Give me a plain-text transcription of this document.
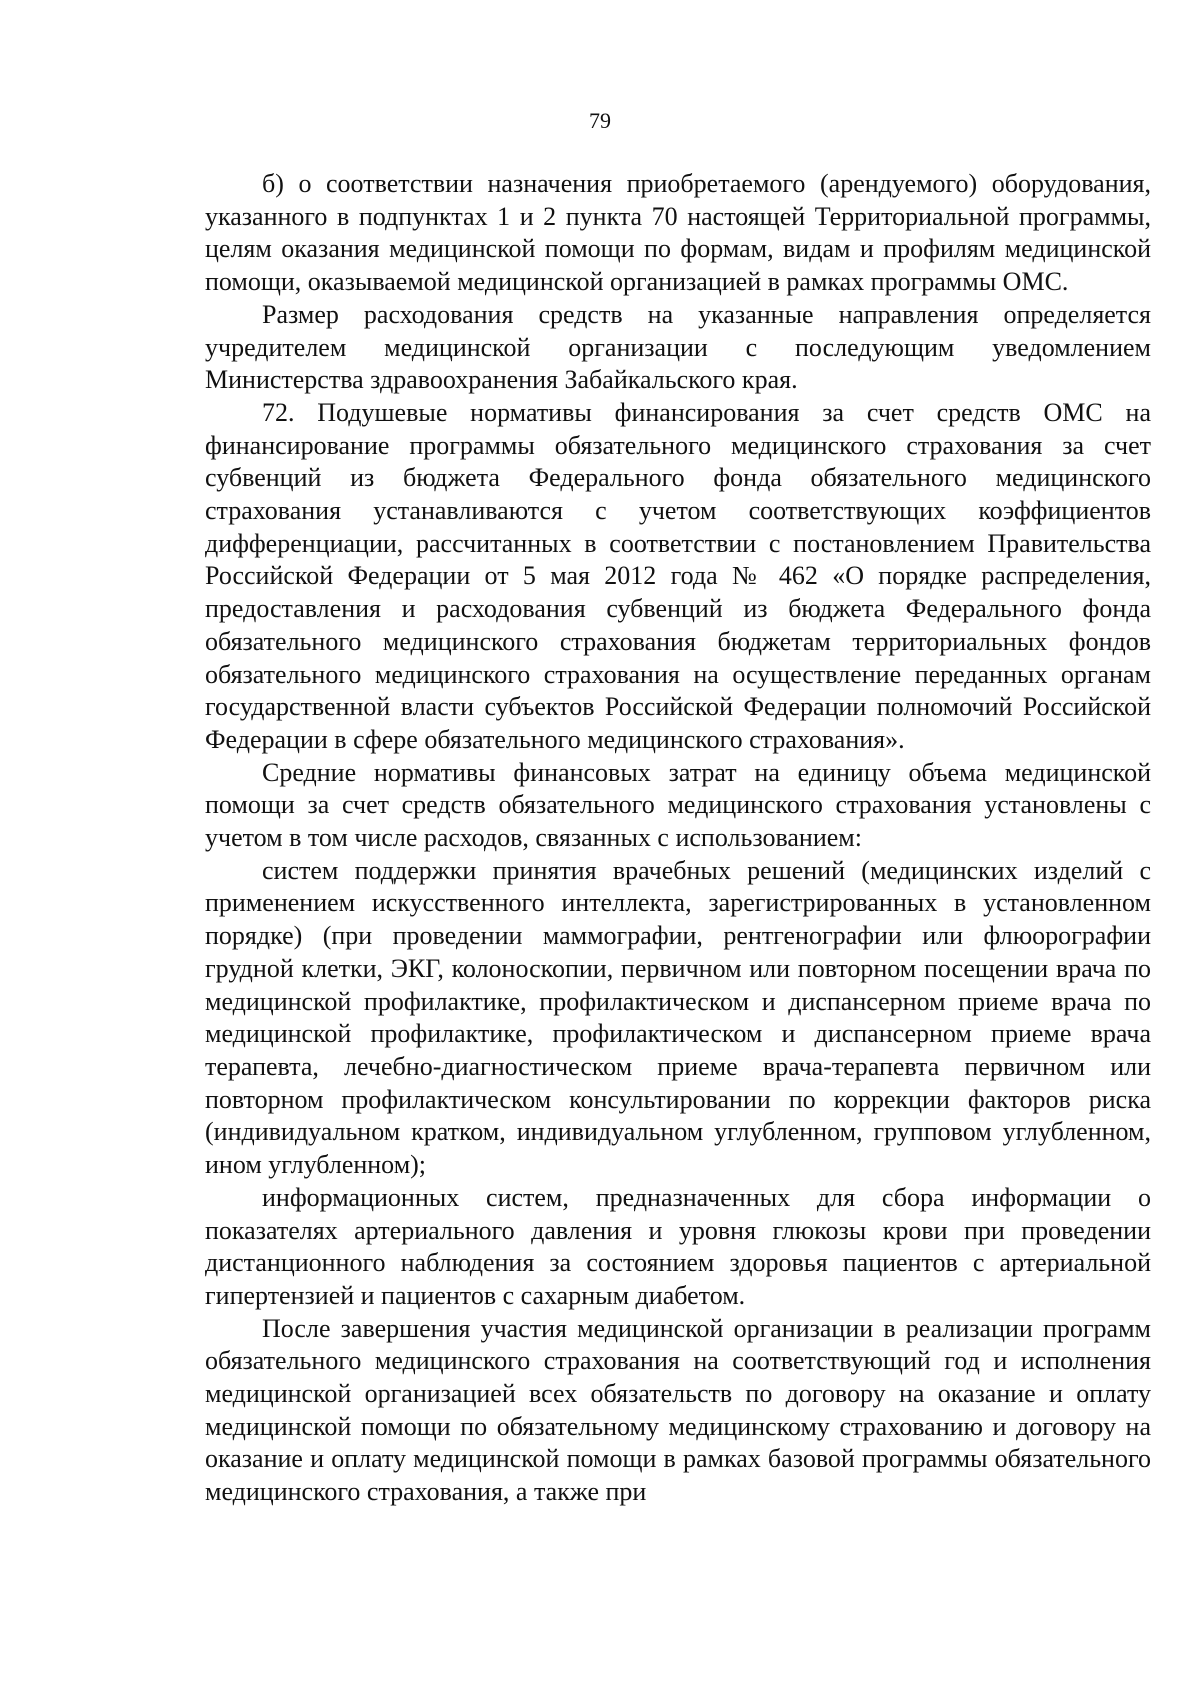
79

б) о соответствии назначения приобретаемого (арендуемого) оборудования, указанного в подпунктах 1 и 2 пункта 70 настоящей Территориальной программы, целям оказания медицинской помощи по формам, видам и профилям медицинской помощи, оказываемой медицинской организацией в рамках программы ОМС.

Размер расходования средств на указанные направления определяется учредителем медицинской организации с последующим уведомлением Министерства здравоохранения Забайкальского края.

72. Подушевые нормативы финансирования за счет средств ОМС на финансирование программы обязательного медицинского страхования за счет субвенций из бюджета Федерального фонда обязательного медицинского страхования устанавливаются с учетом соответствующих коэффициентов дифференциации, рассчитанных в соответствии с постановлением Правительства Российской Федерации от 5 мая 2012 года № 462 «О порядке распределения, предоставления и расходования субвенций из бюджета Федерального фонда обязательного медицинского страхования бюджетам территориальных фондов обязательного медицинского страхования на осуществление переданных органам государственной власти субъектов Российской Федерации полномочий Российской Федерации в сфере обязательного медицинского страхования».

Средние нормативы финансовых затрат на единицу объема медицинской помощи за счет средств обязательного медицинского страхования установлены с учетом в том числе расходов, связанных с использованием:

систем поддержки принятия врачебных решений (медицинских изделий с применением искусственного интеллекта, зарегистрированных в установленном порядке) (при проведении маммографии, рентгенографии или флюорографии грудной клетки, ЭКГ, колоноскопии, первичном или повторном посещении врача по медицинской профилактике, профилактическом и диспансерном приеме врача по медицинской профилактике, профилактическом и диспансерном приеме врача терапевта, лечебно-диагностическом приеме врача-терапевта первичном или повторном профилактическом консультировании по коррекции факторов риска (индивидуальном кратком, индивидуальном углубленном, групповом углубленном, ином углубленном);

информационных систем, предназначенных для сбора информации о показателях артериального давления и уровня глюкозы крови при проведении дистанционного наблюдения за состоянием здоровья пациентов с артериальной гипертензией и пациентов с сахарным диабетом.

После завершения участия медицинской организации в реализации программ обязательного медицинского страхования на соответствующий год и исполнения медицинской организацией всех обязательств по договору на оказание и оплату медицинской помощи по обязательному медицинскому страхованию и договору на оказание и оплату медицинской помощи в рамках базовой программы обязательного медицинского страхования, а также при
